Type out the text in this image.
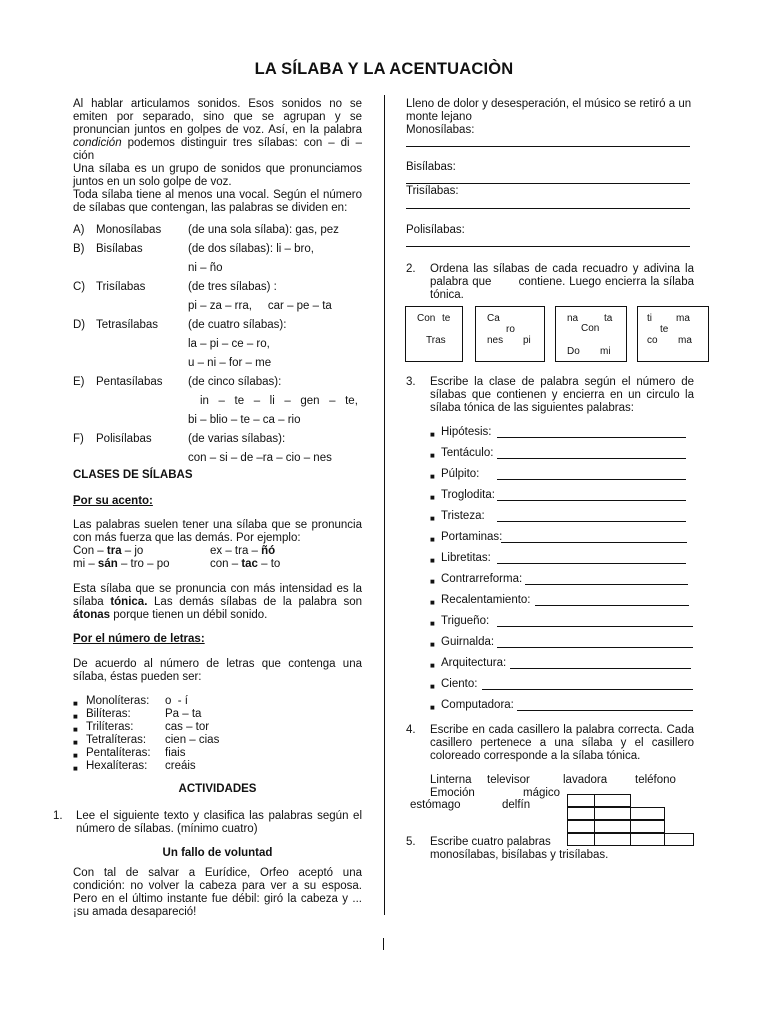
LA SÍLABA Y LA ACENTUACIÒN
Al hablar articulamos sonidos. Esos sonidos no se
emiten por separado, sino que se agrupan y se
pronuncian juntos en golpes de voz. Así, en la palabra
condición podemos distinguir tres sílabas: con – di –
ción
Una sílaba es un grupo de sonidos que pronunciamos
juntos en un solo golpe de voz.
Toda sílaba tiene al menos una vocal. Según el número
de sílabas que contengan, las palabras se dividen en:
A) Monosílabas (de una sola sílaba): gas, pez
B) Bisílabas	(de dos sílabas): li – bro,
ni – ño
C) Trisílabas	(de tres sílabas) :
pi – za – rra,     car – pe – ta
D) Tetrasílabas	(de cuatro sílabas):
la – pi – ce – ro,
u – ni – for – me
E) Pentasílabas (de cinco sílabas):
in   –   te   –   li   –   gen   –   te,
bi – blio – te – ca – rio
F) Polisílabas	(de varias sílabas):
con – si – de –ra – cio – nes
CLASES DE SÍLABAS
Por su acento:
Las palabras suelen tener una sílaba que se pronuncia
con más fuerza que las demás. Por ejemplo:
Con – tra – jo	ex – tra – ñó
mi – sán – tro – po	con – tac – to
Esta sílaba que se pronuncia con más intensidad es la
sílaba tónica. Las demás sílabas de la palabra son
átonas porque tienen un débil sonido.
Por el número de letras:
De acuerdo al número de letras que contenga una
sílaba, éstas pueden ser:
■ Monolíteras: o  - í
■ Bilíteras:	Pa – ta
■ Trilíteras:	cas – tor
■ Tetralíteras: cien – cias
■ Pentalíteras: fiais
■ Hexalíteras: creáis
ACTIVIDADES
1. Lee el siguiente texto y clasifica las palabras según el
número de sílabas. (mínimo cuatro)
Un fallo de voluntad
Con tal de salvar a Eurídice, Orfeo aceptó una
condición: no volver la cabeza para ver a su esposa.
Pero en el último instante fue débil: giró la cabeza y ...
¡su amada desapareció!
Lleno de dolor y desesperación, el músico se retiró a un
monte lejano
Monosílabas:
Bisílabas:
Trisílabas:
Polisílabas:
2. Ordena las sílabas de cada recuadro y adivina la
palabra que       contiene. Luego encierra la sílaba
tónica.
Con te
Tras
Ca
ro
nes pi
na	ta
Con
Do mi
ti ma
te
co ma
3. Escribe la clase de palabra según el número de
sílabas que contienen y encierra en un circulo la
sílaba tónica de las siguientes palabras:
■ Hipótesis:
■ Tentáculo:
■ Púlpito:
■ Troglodita:
■ Tristeza:
■ Portaminas:
■ Libretitas:
■ Contrarreforma:
■ Recalentamiento:
■ Trigueño:
■ Guirnalda:
■ Arquitectura:
■ Ciento:
■ Computadora:
4. Escribe en cada casillero la palabra correcta. Cada
casillero pertenece a una sílaba y el casillero
coloreado corresponde a la sílaba tónica.
Linterna televisor	lavadora teléfono
Emoción	mágico
estómago	delfín
5. Escribe cuatro palabras
monosílabas, bisílabas y trisílabas.
